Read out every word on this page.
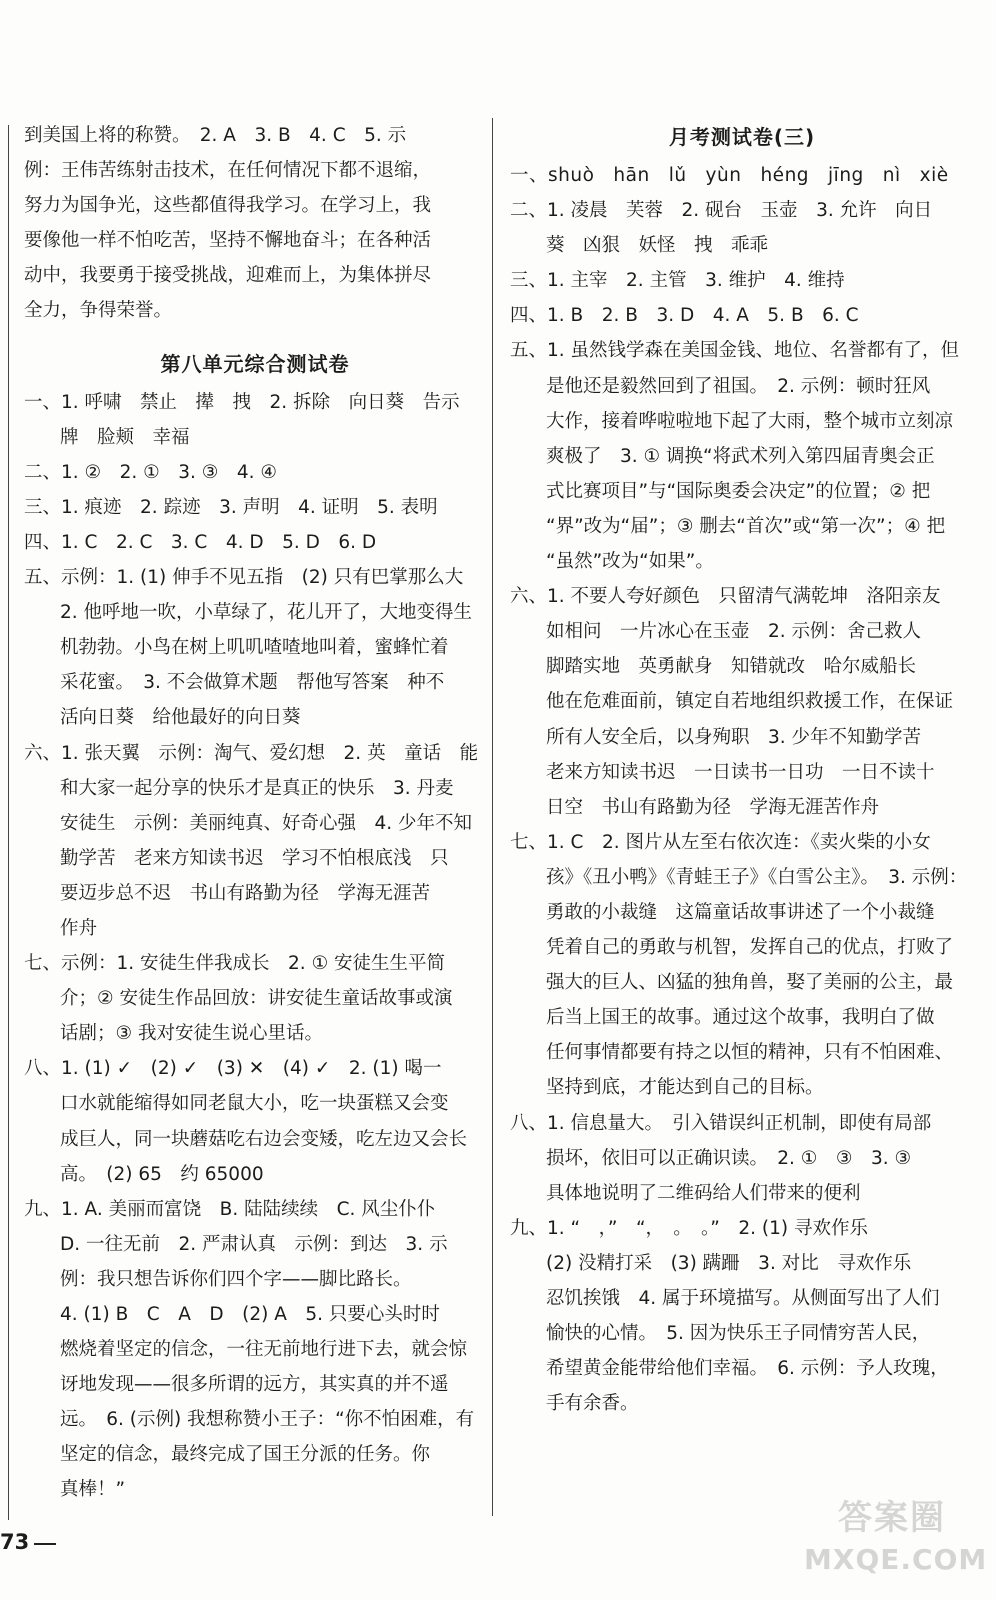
到美国上将的称赞。　2. A　3. B　4. C　5. 示
例：王伟苦练射击技术，在任何情况下都不退缩，
努力为国争光，这些都值得我学习。在学习上，我
要像他一样不怕吃苦，坚持不懈地奋斗；在各种活
动中，我要勇于接受挑战，迎难而上，为集体拼尽
全力，争得荣誉。
第八单元综合测试卷
一、1. 呼啸　禁止　撵　拽　2. 拆除　向日葵　告示
牌　脸颊　幸福
二、1. ②　2. ①　3. ③　4. ④
三、1. 痕迹　2. 踪迹　3. 声明　4. 证明　5. 表明
四、1. C　2. C　3. C　4. D　5. D　6. D
五、示例：1. (1) 伸手不见五指　(2) 只有巴掌那么大
2. 他呼地一吹，小草绿了，花儿开了，大地变得生
机勃勃。小鸟在树上叽叽喳喳地叫着，蜜蜂忙着
采花蜜。　3. 不会做算术题　帮他写答案　种不
活向日葵　给他最好的向日葵
六、1. 张天翼　示例：淘气、爱幻想　2. 英　童话　能
和大家一起分享的快乐才是真正的快乐　3. 丹麦
安徒生　示例：美丽纯真、好奇心强　4. 少年不知
勤学苦　老来方知读书迟　学习不怕根底浅　只
要迈步总不迟　书山有路勤为径　学海无涯苦
作舟
七、示例：1. 安徒生伴我成长　2. ① 安徒生生平简
介；② 安徒生作品回放：讲安徒生童话故事或演
话剧；③ 我对安徒生说心里话。
八、1. (1) ✓　(2) ✓　(3) ✕　(4) ✓　2. (1) 喝一
口水就能缩得如同老鼠大小，吃一块蛋糕又会变
成巨人，同一块蘑菇吃右边会变矮，吃左边又会长
高。　(2) 65　约 65000
九、1. A. 美丽而富饶　B. 陆陆续续　C. 风尘仆仆
D. 一往无前　2. 严肃认真　示例：到达　3. 示
例：我只想告诉你们四个字——脚比路长。
4. (1) B　C　A　D　(2) A　5. 只要心头时时
燃烧着坚定的信念，一往无前地行进下去，就会惊
讶地发现——很多所谓的远方，其实真的并不遥
远。　6. (示例) 我想称赞小王子：“你不怕困难，有
坚定的信念，最终完成了国王分派的任务。你
真棒！”
月考测试卷(三)
一、shuò　hān　lǔ　yùn　héng　jīng　nì　xiè
二、1. 凌晨　芙蓉　2. 砚台　玉壶　3. 允许　向日
葵　凶狠　妖怪　拽　乖乖
三、1. 主宰　2. 主管　3. 维护　4. 维持
四、1. B　2. B　3. D　4. A　5. B　6. C
五、1. 虽然钱学森在美国金钱、地位、名誉都有了，但
是他还是毅然回到了祖国。　2. 示例：顿时狂风
大作，接着哗啦啦地下起了大雨，整个城市立刻凉
爽极了　3. ① 调换“将武术列入第四届青奥会正
式比赛项目”与“国际奥委会决定”的位置；② 把
“界”改为“届”；③ 删去“首次”或“第一次”；④ 把
“虽然”改为“如果”。
六、1. 不要人夸好颜色　只留清气满乾坤　洛阳亲友
如相问　一片冰心在玉壶　2. 示例：舍己救人
脚踏实地　英勇献身　知错就改　哈尔威船长
他在危难面前，镇定自若地组织救援工作，在保证
所有人安全后，以身殉职　3. 少年不知勤学苦
老来方知读书迟　一日读书一日功　一日不读十
日空　书山有路勤为径　学海无涯苦作舟
七、1. C　2. 图片从左至右依次连：《卖火柴的小女
孩》《丑小鸭》《青蛙王子》《白雪公主》。　3. 示例：
勇敢的小裁缝　这篇童话故事讲述了一个小裁缝
凭着自己的勇敢与机智，发挥自己的优点，打败了
强大的巨人、凶猛的独角兽，娶了美丽的公主，最
后当上国王的故事。通过这个故事，我明白了做
任何事情都要有持之以恒的精神，只有不怕困难、
坚持到底，才能达到自己的目标。
八、1. 信息量大。　引入错误纠正机制，即使有局部
损坏，依旧可以正确识读。　2. ①　③　3. ③
具体地说明了二维码给人们带来的便利
九、1. “　，”　“，　。　。”　2. (1) 寻欢作乐
(2) 没精打采　(3) 蹒跚　3. 对比　寻欢作乐
忍饥挨饿　4. 属于环境描写。从侧面写出了人们
愉快的心情。　5. 因为快乐王子同情穷苦人民，
希望黄金能带给他们幸福。　6. 示例：予人玫瑰，
手有余香。
73
答案圈
MXQE.COM
